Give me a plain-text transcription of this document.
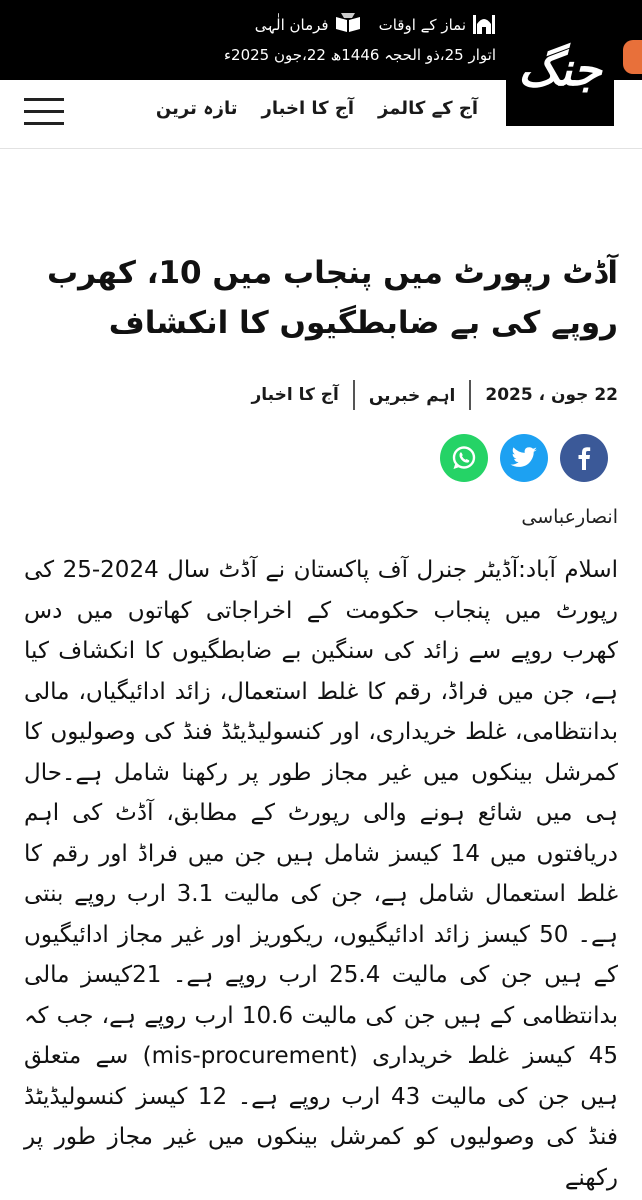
فرمان الٰہی	نماز کے اوقات
اتوار 25،ذو الحجہ 1446ھ 22،جون 2025ء جنگ
تازہ ترین آج کا اخبار آج کے کالمز
آڈٹ رپورٹ میں پنجاب میں 10، کھرب روپے کی بے ضابطگیوں کا انکشاف
آج کا اخبار اہم خبریں 22 جون ، 2025
انصارعباسی

اسلام آباد:آڈیٹر جنرل آف پاکستان نے آڈٹ سال 2024-25 کی رپورٹ میں پنجاب حکومت کے اخراجاتی کھاتوں میں دس کھرب روپے سے زائد کی سنگین بے ضابطگیوں کا انکشاف کیا ہے، جن میں فراڈ، رقم کا غلط استعمال، زائد ادائیگیاں، مالی بدانتظامی، غلط خریداری، اور کنسولیڈیٹڈ فنڈ کی وصولیوں کا کمرشل بینکوں میں غیر مجاز طور پر رکھنا شامل ہے۔حال ہی میں شائع ہونے والی رپورٹ کے مطابق، آڈٹ کی اہم دریافتوں میں 14 کیسز شامل ہیں جن میں فراڈ اور رقم کا غلط استعمال شامل ہے، جن کی مالیت 3.1 ارب روپے بنتی ہے۔ 50 کیسز زائد ادائیگیوں، ریکوریز اور غیر مجاز ادائیگیوں کے ہیں جن کی مالیت 25.4 ارب روپے ہے۔ 21کیسز مالی بدانتظامی کے ہیں جن کی مالیت 10.6 ارب روپے ہے، جب کہ 45 کیسز غلط خریداری (mis-procurement) سے متعلق ہیں جن کی مالیت 43 ارب روپے ہے۔ 12 کیسز کنسولیڈیٹڈ فنڈ کی وصولیوں کو کمرشل بینکوں میں غیر مجاز طور پر رکھنے
